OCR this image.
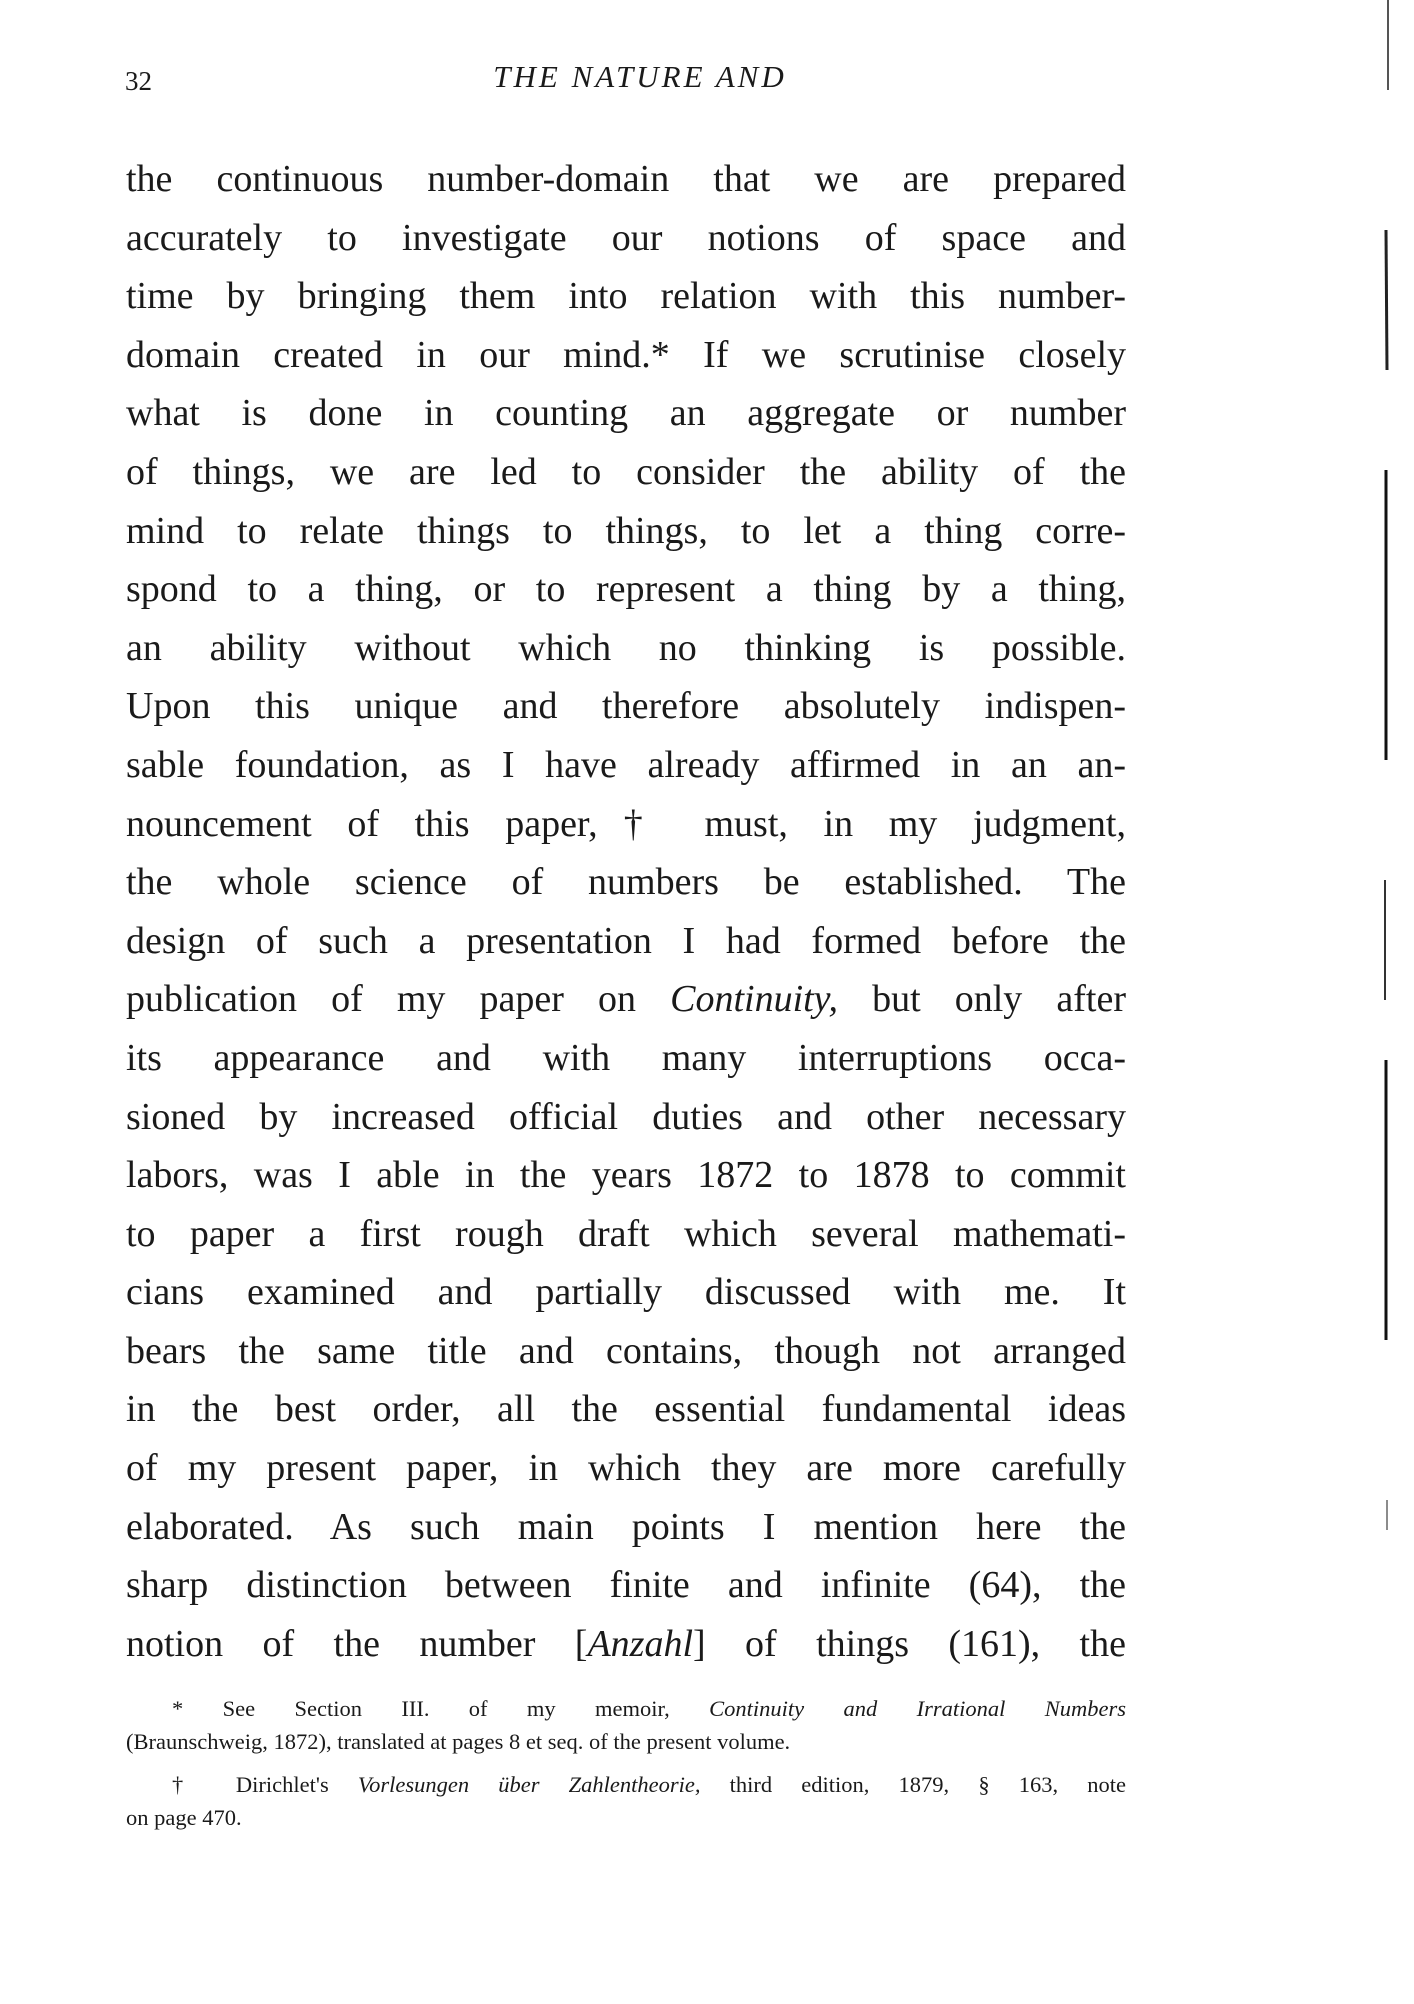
32	THE NATURE AND
the continuous number-domain that we are prepared
accurately to investigate our notions of space and
time by bringing them into relation with this number-
domain created in our mind.* If we scrutinise closely
what is done in counting an aggregate or number
of things, we are led to consider the ability of the
mind to relate things to things, to let a thing corre-
spond to a thing, or to represent a thing by a thing,
an ability without which no thinking is possible.
Upon this unique and therefore absolutely indispen-
sable foundation, as I have already affirmed in an an-
nouncement of this paper,† must, in my judgment,
the whole science of numbers be established. The
design of such a presentation I had formed before the
publication of my paper on Continuity, but only after
its appearance and with many interruptions occa-
sioned by increased official duties and other necessary
labors, was I able in the years 1872 to 1878 to commit
to paper a first rough draft which several mathemati-
cians examined and partially discussed with me. It
bears the same title and contains, though not arranged
in the best order, all the essential fundamental ideas
of my present paper, in which they are more carefully
elaborated. As such main points I mention here the
sharp distinction between finite and infinite (64), the
notion of the number [Anzahl] of things (161), the
* See Section III. of my memoir, Continuity and Irrational Numbers
(Braunschweig, 1872), translated at pages 8 et seq. of the present volume.
† Dirichlet's Vorlesungen über Zahlentheorie, third edition, 1879, § 163, note
on page 470.
